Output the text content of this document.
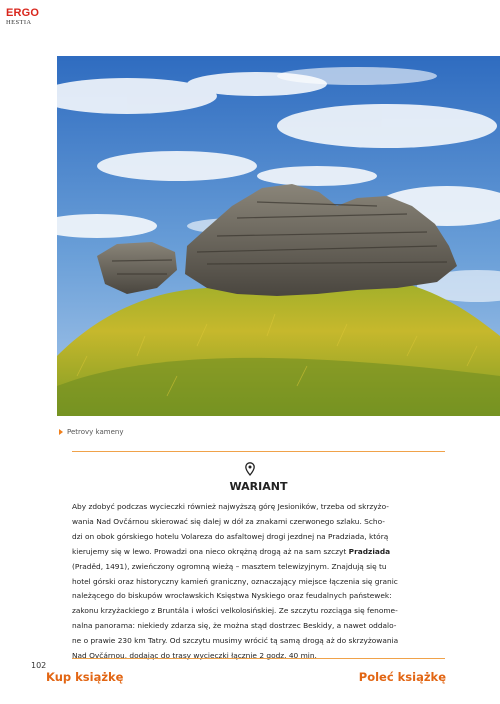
ERGO
HESTIA
Petrovy kameny
WARIANT
Aby zdobyć podczas wycieczki również najwyższą górę Jesioników, trzeba od skrzyżo-
wania Nad Ovčárnou skierować się dalej w dół za znakami czerwonego szlaku. Scho-
dzi on obok górskiego hotelu Volareza do asfaltowej drogi jezdnej na Pradziada, którą
kierujemy się w lewo. Prowadzi ona nieco okrężną drogą aż na sam szczyt Pradziada
(Praděd, 1491), zwieńczony ogromną wieżą – masztem telewizyjnym. Znajdują się tu
hotel górski oraz historyczny kamień graniczny, oznaczający miejsce łączenia się granic
należącego do biskupów wrocławskich Księstwa Nyskiego oraz feudalnych państewek:
zakonu krzyżackiego z Bruntála i włości velkolosińskiej. Ze szczytu rozciąga się fenome-
nalna panorama: niekiedy zdarza się, że można stąd dostrzec Beskidy, a nawet oddalo-
ne o prawie 230 km Tatry. Od szczytu musimy wrócić tą samą drogą aż do skrzyżowania
Nad Ovčárnou, dodając do trasy wycieczki łącznie 2 godz. 40 min.
102
Kup książkę	Poleć książkę
